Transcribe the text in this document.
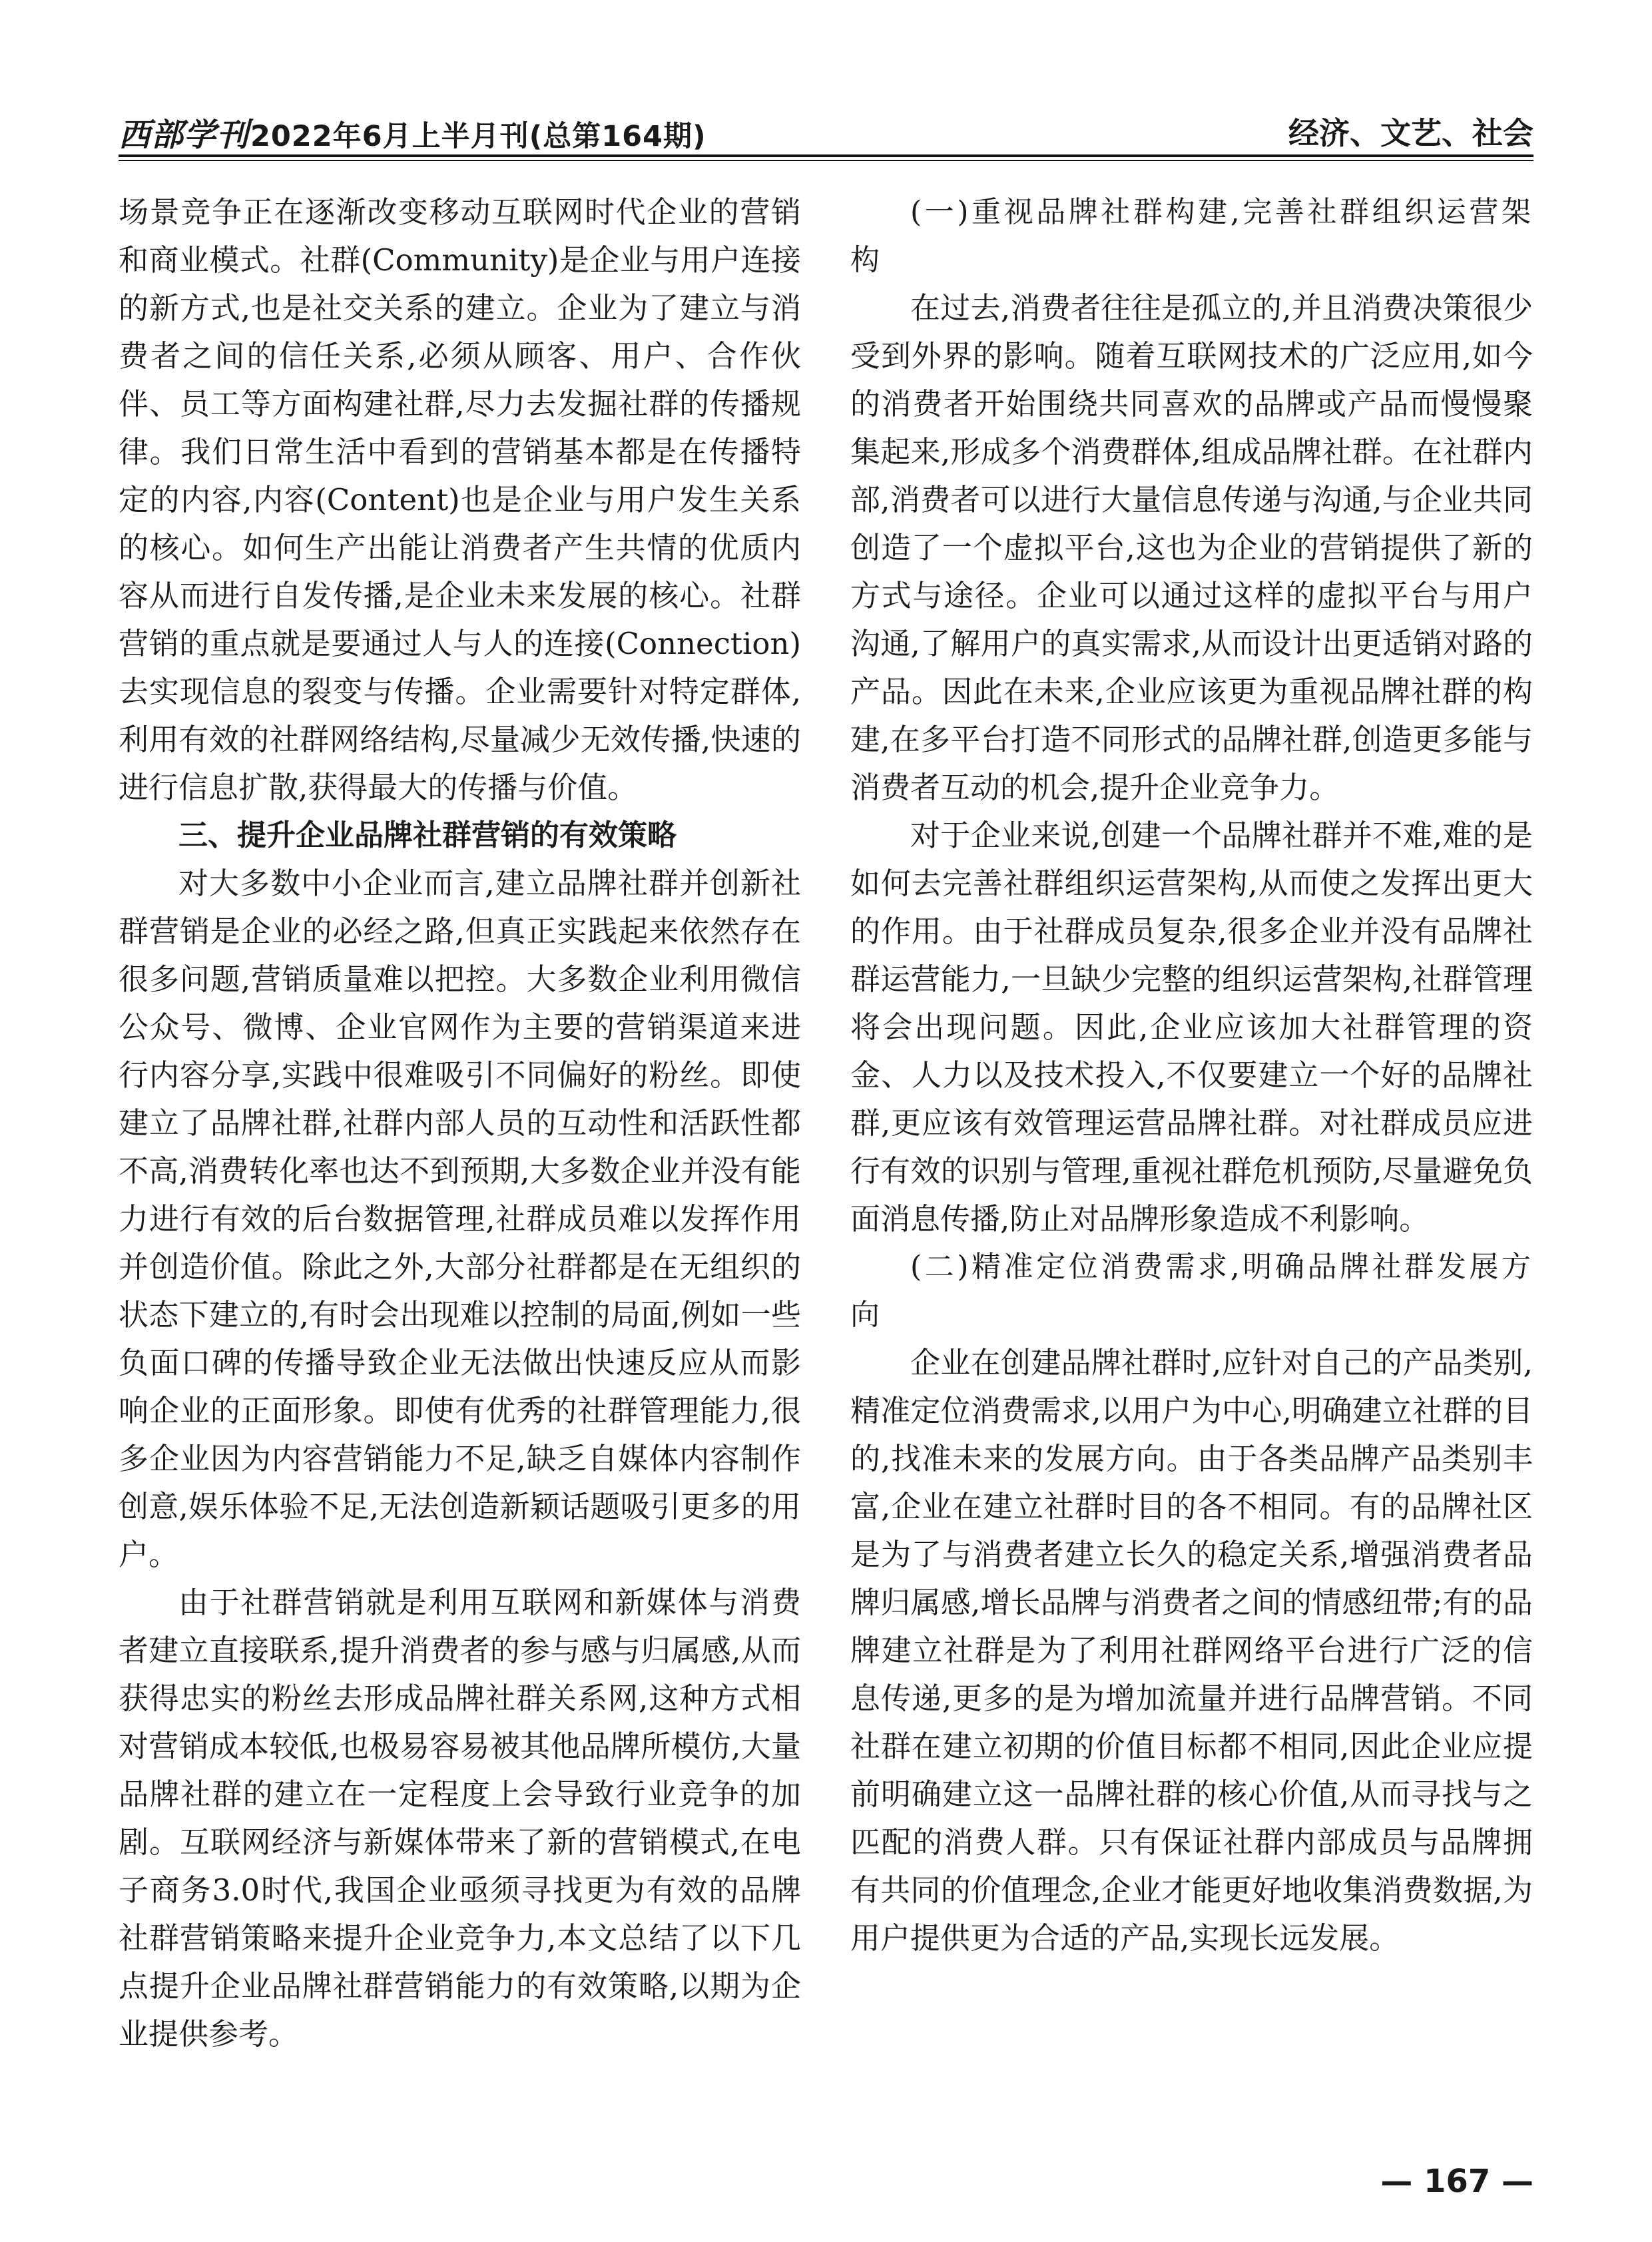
西部学刊2022年6月上半月刊(总第164期)	经济、文艺、社会

场景竞争正在逐渐改变移动互联网时代企业的营销和商业模式。社群(Community)是企业与用户连接的新方式,也是社交关系的建立。企业为了建立与消费者之间的信任关系,必须从顾客、用户、合作伙伴、员工等方面构建社群,尽力去发掘社群的传播规律。我们日常生活中看到的营销基本都是在传播特定的内容,内容(Content)也是企业与用户发生关系的核心。如何生产出能让消费者产生共情的优质内容从而进行自发传播,是企业未来发展的核心。社群营销的重点就是要通过人与人的连接(Connection)去实现信息的裂变与传播。企业需要针对特定群体,利用有效的社群网络结构,尽量减少无效传播,快速的进行信息扩散,获得最大的传播与价值。

三、提升企业品牌社群营销的有效策略

对大多数中小企业而言,建立品牌社群并创新社群营销是企业的必经之路,但真正实践起来依然存在很多问题,营销质量难以把控。大多数企业利用微信公众号、微博、企业官网作为主要的营销渠道来进行内容分享,实践中很难吸引不同偏好的粉丝。即使建立了品牌社群,社群内部人员的互动性和活跃性都不高,消费转化率也达不到预期,大多数企业并没有能力进行有效的后台数据管理,社群成员难以发挥作用并创造价值。除此之外,大部分社群都是在无组织的状态下建立的,有时会出现难以控制的局面,例如一些负面口碑的传播导致企业无法做出快速反应从而影响企业的正面形象。即使有优秀的社群管理能力,很多企业因为内容营销能力不足,缺乏自媒体内容制作创意,娱乐体验不足,无法创造新颖话题吸引更多的用户。

由于社群营销就是利用互联网和新媒体与消费者建立直接联系,提升消费者的参与感与归属感,从而获得忠实的粉丝去形成品牌社群关系网,这种方式相对营销成本较低,也极易容易被其他品牌所模仿,大量品牌社群的建立在一定程度上会导致行业竞争的加剧。互联网经济与新媒体带来了新的营销模式,在电子商务3.0时代,我国企业亟须寻找更为有效的品牌社群营销策略来提升企业竞争力,本文总结了以下几点提升企业品牌社群营销能力的有效策略,以期为企业提供参考。

(一)重视品牌社群构建,完善社群组织运营架构

在过去,消费者往往是孤立的,并且消费决策很少受到外界的影响。随着互联网技术的广泛应用,如今的消费者开始围绕共同喜欢的品牌或产品而慢慢聚集起来,形成多个消费群体,组成品牌社群。在社群内部,消费者可以进行大量信息传递与沟通,与企业共同创造了一个虚拟平台,这也为企业的营销提供了新的方式与途径。企业可以通过这样的虚拟平台与用户沟通,了解用户的真实需求,从而设计出更适销对路的产品。因此在未来,企业应该更为重视品牌社群的构建,在多平台打造不同形式的品牌社群,创造更多能与消费者互动的机会,提升企业竞争力。

对于企业来说,创建一个品牌社群并不难,难的是如何去完善社群组织运营架构,从而使之发挥出更大的作用。由于社群成员复杂,很多企业并没有品牌社群运营能力,一旦缺少完整的组织运营架构,社群管理将会出现问题。因此,企业应该加大社群管理的资金、人力以及技术投入,不仅要建立一个好的品牌社群,更应该有效管理运营品牌社群。对社群成员应进行有效的识别与管理,重视社群危机预防,尽量避免负面消息传播,防止对品牌形象造成不利影响。

(二)精准定位消费需求,明确品牌社群发展方向

企业在创建品牌社群时,应针对自己的产品类别,精准定位消费需求,以用户为中心,明确建立社群的目的,找准未来的发展方向。由于各类品牌产品类别丰富,企业在建立社群时目的各不相同。有的品牌社区是为了与消费者建立长久的稳定关系,增强消费者品牌归属感,增长品牌与消费者之间的情感纽带;有的品牌建立社群是为了利用社群网络平台进行广泛的信息传递,更多的是为增加流量并进行品牌营销。不同社群在建立初期的价值目标都不相同,因此企业应提前明确建立这一品牌社群的核心价值,从而寻找与之匹配的消费人群。只有保证社群内部成员与品牌拥有共同的价值理念,企业才能更好地收集消费数据,为用户提供更为合适的产品,实现长远发展。

— 167 —
